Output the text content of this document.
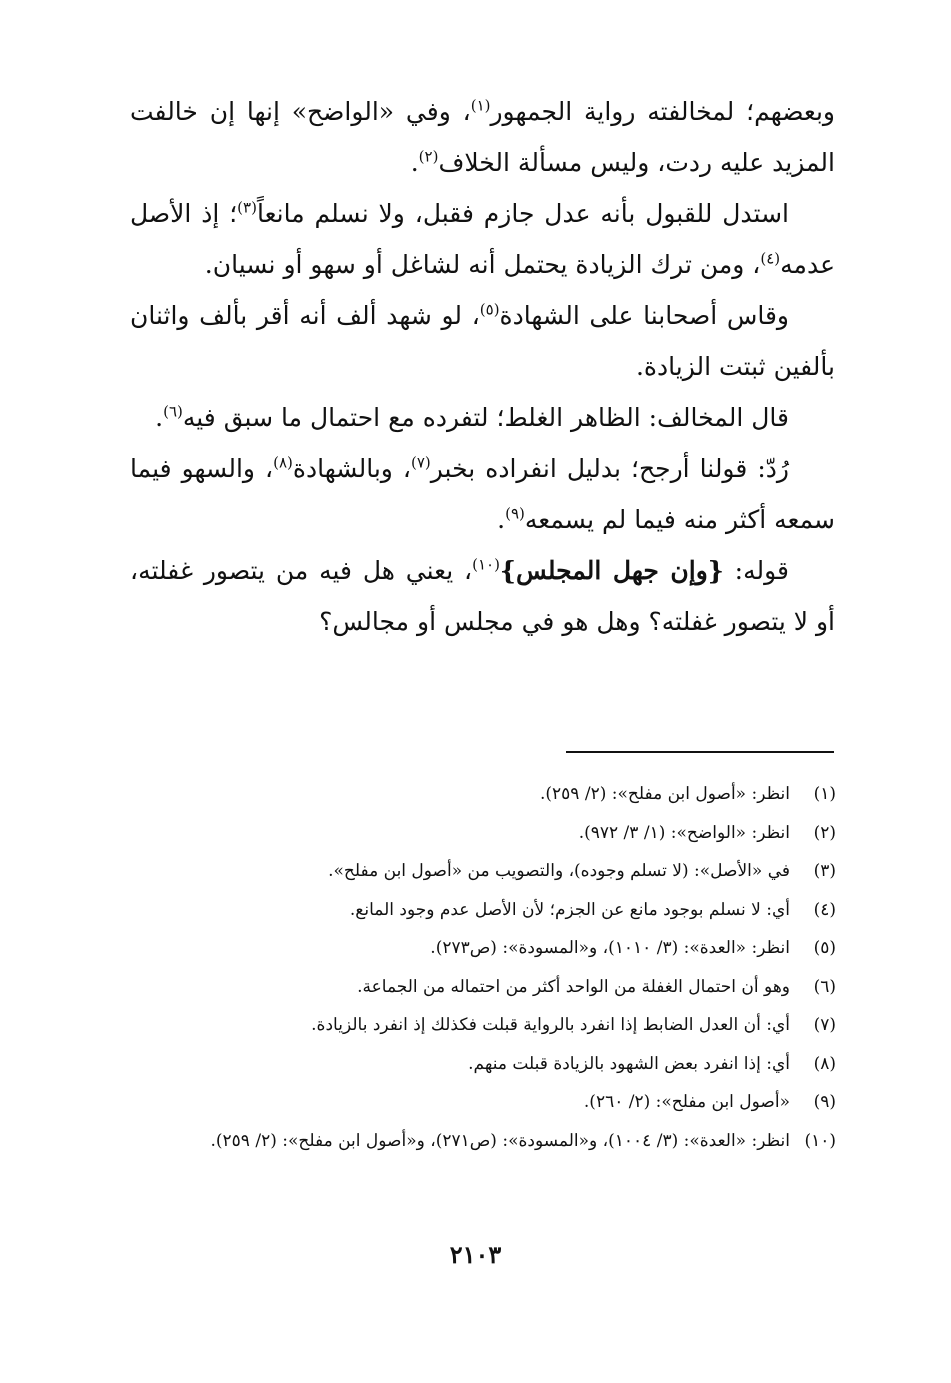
وبعضهم؛ لمخالفته رواية الجمهور$^{(١)}$، وفي «الواضح» إنها إن خالفت المزيد عليه ردت، وليس مسألة الخلاف$^{(٢)}$.

استدل للقبول بأنه عدل جازم فقبل، ولا نسلم مانعاً$^{(٣)}$؛ إذ الأصل عدمه$^{(٤)}$، ومن ترك الزيادة يحتمل أنه لشاغل أو سهو أو نسيان.

وقاس أصحابنا على الشهادة$^{(٥)}$، لو شهد ألف أنه أقر بألف واثنان بألفين ثبتت الزيادة.

قال المخالف: الظاهر الغلط؛ لتفرده مع احتمال ما سبق فيه$^{(٦)}$.

رُدّ: قولنا أرجح؛ بدليل انفراده بخبر$^{(٧)}$، وبالشهادة$^{(٨)}$، والسهو فيما سمعه أكثر منه فيما لم يسمعه$^{(٩)}$.

قوله: {وإن جهل المجلس}$^{(١٠)}$، يعني هل فيه من يتصور غفلته، أو لا يتصور غفلته؟ وهل هو في مجلس أو مجالس؟

(١)
انظر: «أصول ابن مفلح»: (٢/ ٢٥٩).
(٢)
انظر: «الواضح»: (١/ ٣/ ٩٧٢).
(٣)
في «الأصل»: (لا تسلم وجوده)، والتصويب من «أصول ابن مفلح».
(٤)
أي: لا نسلم بوجود مانع عن الجزم؛ لأن الأصل عدم وجود المانع.
(٥)
انظر: «العدة»: (٣/ ١٠١٠)، و«المسودة»: (ص٢٧٣).
(٦)
وهو أن احتمال الغفلة من الواحد أكثر من احتماله من الجماعة.
(٧)
أي: أن العدل الضابط إذا انفرد بالرواية قبلت فكذلك إذ انفرد بالزيادة.
(٨)
أي: إذا انفرد بعض الشهود بالزيادة قبلت منهم.
(٩)
«أصول ابن مفلح»: (٢/ ٢٦٠).
(١٠)
انظر: «العدة»: (٣/ ١٠٠٤)، و«المسودة»: (ص٢٧١)، و«أصول ابن مفلح»: (٢/ ٢٥٩).
٢١٠٣
